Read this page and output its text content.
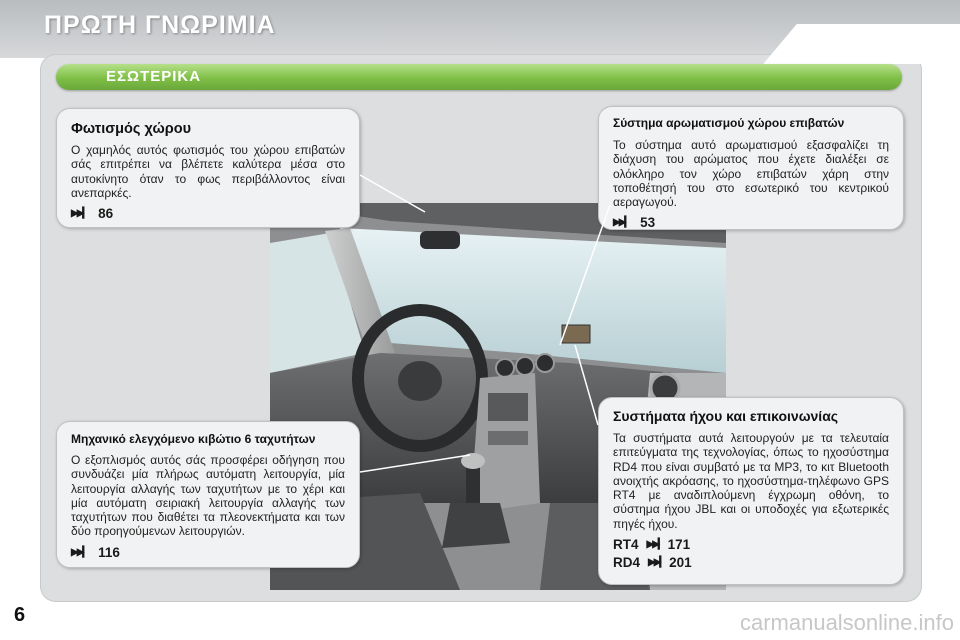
ΠΡΩΤΗ ΓΝΩΡΙΜΙΑ
ΕΣΩΤΕΡΙΚΑ
Φωτισμός χώρου

Ο χαμηλός αυτός φωτισμός του χώρου επιβατών σάς επιτρέπει να βλέπετε καλύτερα μέσα στο αυτοκίνητο όταν το φως περιβάλλοντος είναι ανεπαρκές.

▶▶▎ 86
Σύστημα αρωματισμού χώρου επιβατών

Το σύστημα αυτό αρωματισμού εξασφαλίζει τη διάχυση του αρώματος που έχετε διαλέξει σε ολόκληρο τον χώρο επιβατών χάρη στην τοποθέτησή του στο εσωτερικό του κεντρικού αεραγωγού.

▶▶▎ 53
Μηχανικό ελεγχόμενο κιβώτιο 6 ταχυτήτων

Ο εξοπλισμός αυτός σάς προσφέρει οδήγηση που συνδυάζει μία πλήρως αυτόματη λειτουργία, μία λειτουργία αλλαγής των ταχυτήτων με το χέρι και μία αυτόματη σειριακή λειτουργία αλλαγής των ταχυτήτων που διαθέτει τα πλεονεκτήματα και των δύο προηγούμενων λειτουργιών.

▶▶▎ 116
Συστήματα ήχου και επικοινωνίας

Τα συστήματα αυτά λειτουργούν με τα τελευταία επιτεύγματα της τεχνολογίας, όπως το ηχοσύστημα RD4 που είναι συμβατό με τα MP3, το κιτ Bluetooth ανοιχτής ακρόασης, το ηχοσύστημα-τηλέφωνο GPS RT4 με αναδιπλούμενη έγχρωμη οθόνη, το σύστημα ήχου JBL και οι υποδοχές για εξωτερικές πηγές ήχου.

RT4 ▶▶▎ 171
RD4 ▶▶▎ 201
6	carmanualsonline.info
